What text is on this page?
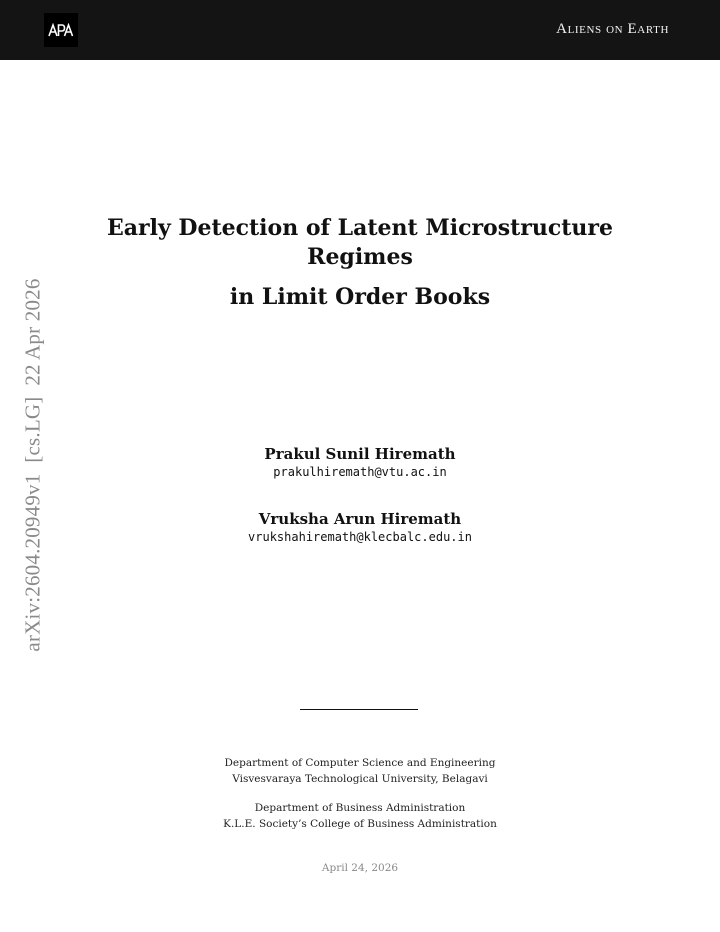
Aliens on Earth
arXiv:2604.20949v1  [cs.LG]  22 Apr 2026
Early Detection of Latent Microstructure
Regimes
in Limit Order Books
Prakul Sunil Hiremath
prakulhiremath@vtu.ac.in
Vruksha Arun Hiremath
vrukshahiremath@klecbalc.edu.in
Department of Computer Science and Engineering
Visvesvaraya Technological University, Belagavi
Department of Business Administration
K.L.E. Society’s College of Business Administration
April 24, 2026
